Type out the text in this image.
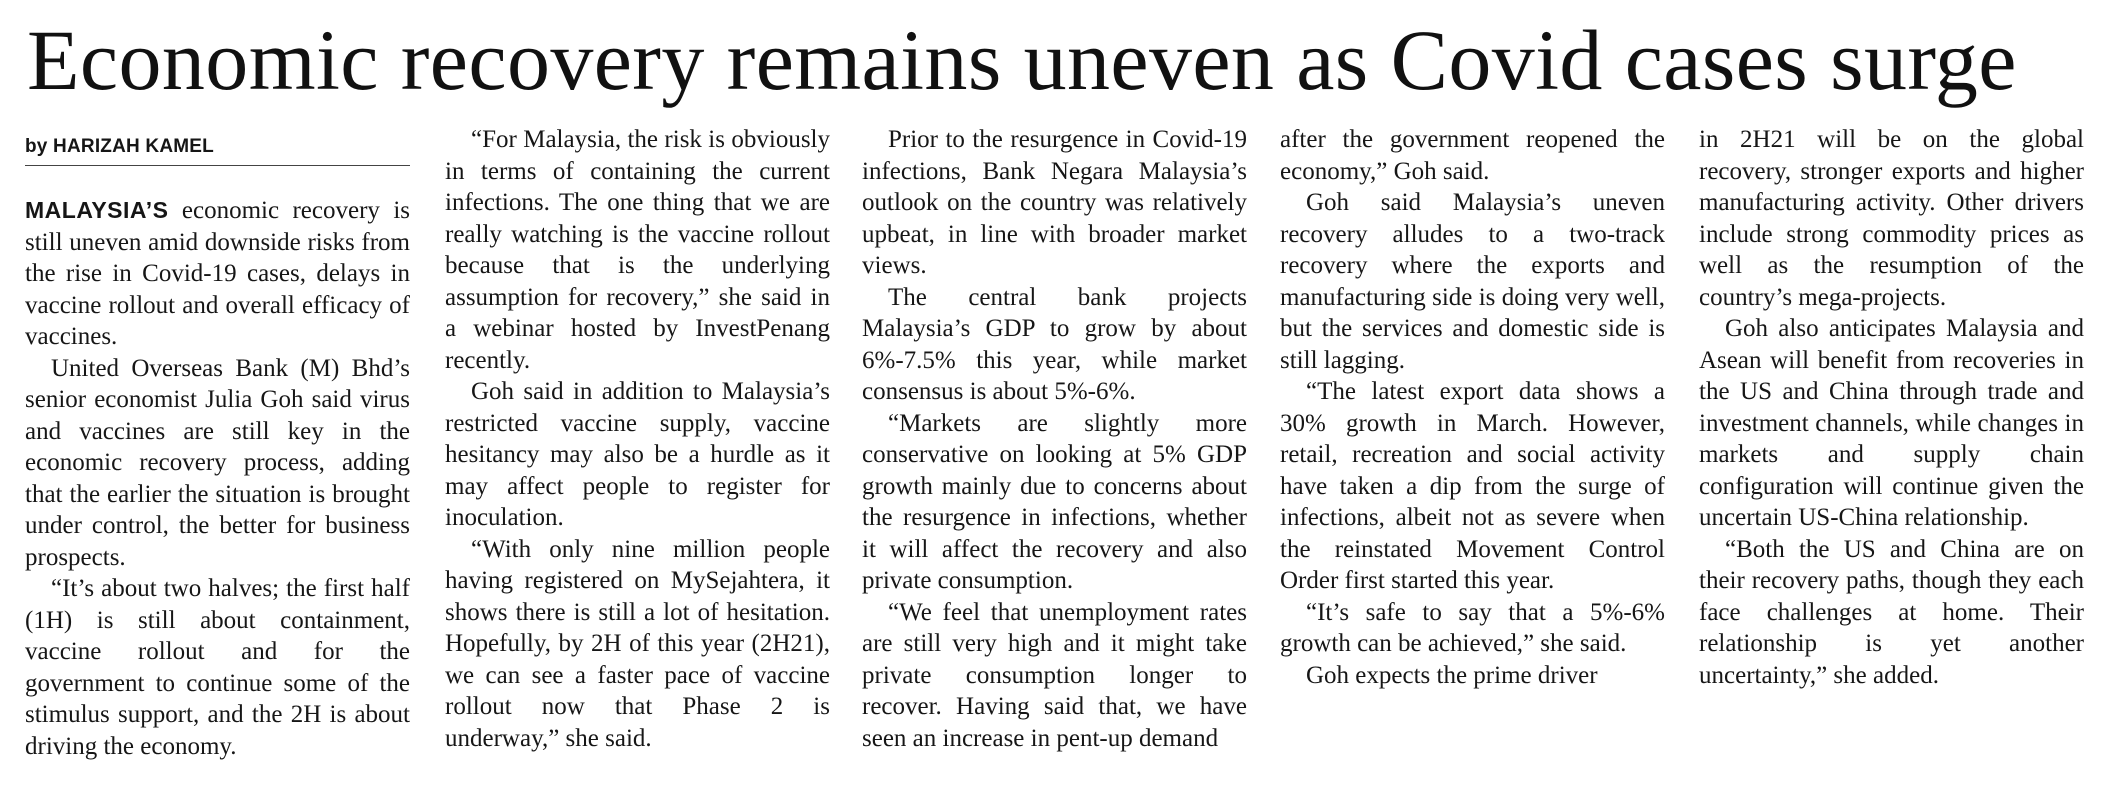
Economic recovery remains uneven as Covid cases surge
by HARIZAH KAMEL

MALAYSIA’S economic recovery is still uneven amid downside risks from the rise in Covid-19 cases, delays in vaccine rollout and overall efficacy of vaccines.

United Overseas Bank (M) Bhd’s senior economist Julia Goh said virus and vaccines are still key in the economic recovery process, adding that the earlier the situation is brought under control, the better for business prospects.

“It’s about two halves; the first half (1H) is still about containment, vaccine rollout and for the government to continue some of the stimulus support, and the 2H is about driving the economy.

“For Malaysia, the risk is obviously in terms of containing the current infections. The one thing that we are really watching is the vaccine rollout because that is the underlying assumption for recovery,” she said in a webinar hosted by InvestPenang recently.

Goh said in addition to Malaysia’s restricted vaccine supply, vaccine hesitancy may also be a hurdle as it may affect people to register for inoculation.

“With only nine million people having registered on MySejahtera, it shows there is still a lot of hesitation. Hopefully, by 2H of this year (2H21), we can see a faster pace of vaccine rollout now that Phase 2 is underway,” she said.

Prior to the resurgence in Covid-19 infections, Bank Negara Malaysia’s outlook on the country was relatively upbeat, in line with broader market views.

The central bank projects Malaysia’s GDP to grow by about 6%-7.5% this year, while market consensus is about 5%-6%.

“Markets are slightly more conservative on looking at 5% GDP growth mainly due to concerns about the resurgence in infections, whether it will affect the recovery and also private consumption.

“We feel that unemployment rates are still very high and it might take private consumption longer to recover. Having said that, we have seen an increase in pent-up demand

after the government reopened the economy,” Goh said.

Goh said Malaysia’s uneven recovery alludes to a two-track recovery where the exports and manufacturing side is doing very well, but the services and domestic side is still lagging.

“The latest export data shows a 30% growth in March. However, retail, recreation and social activity have taken a dip from the surge of infections, albeit not as severe when the reinstated Movement Control Order first started this year.

“It’s safe to say that a 5%-6% growth can be achieved,” she said.

Goh expects the prime driver

in 2H21 will be on the global recovery, stronger exports and higher manufacturing activity. Other drivers include strong commodity prices as well as the resumption of the country’s mega-projects.

Goh also anticipates Malaysia and Asean will benefit from recoveries in the US and China through trade and investment channels, while changes in markets and supply chain configuration will continue given the uncertain US-China relationship.

“Both the US and China are on their recovery paths, though they each face challenges at home. Their relationship is yet another uncertainty,” she added.
